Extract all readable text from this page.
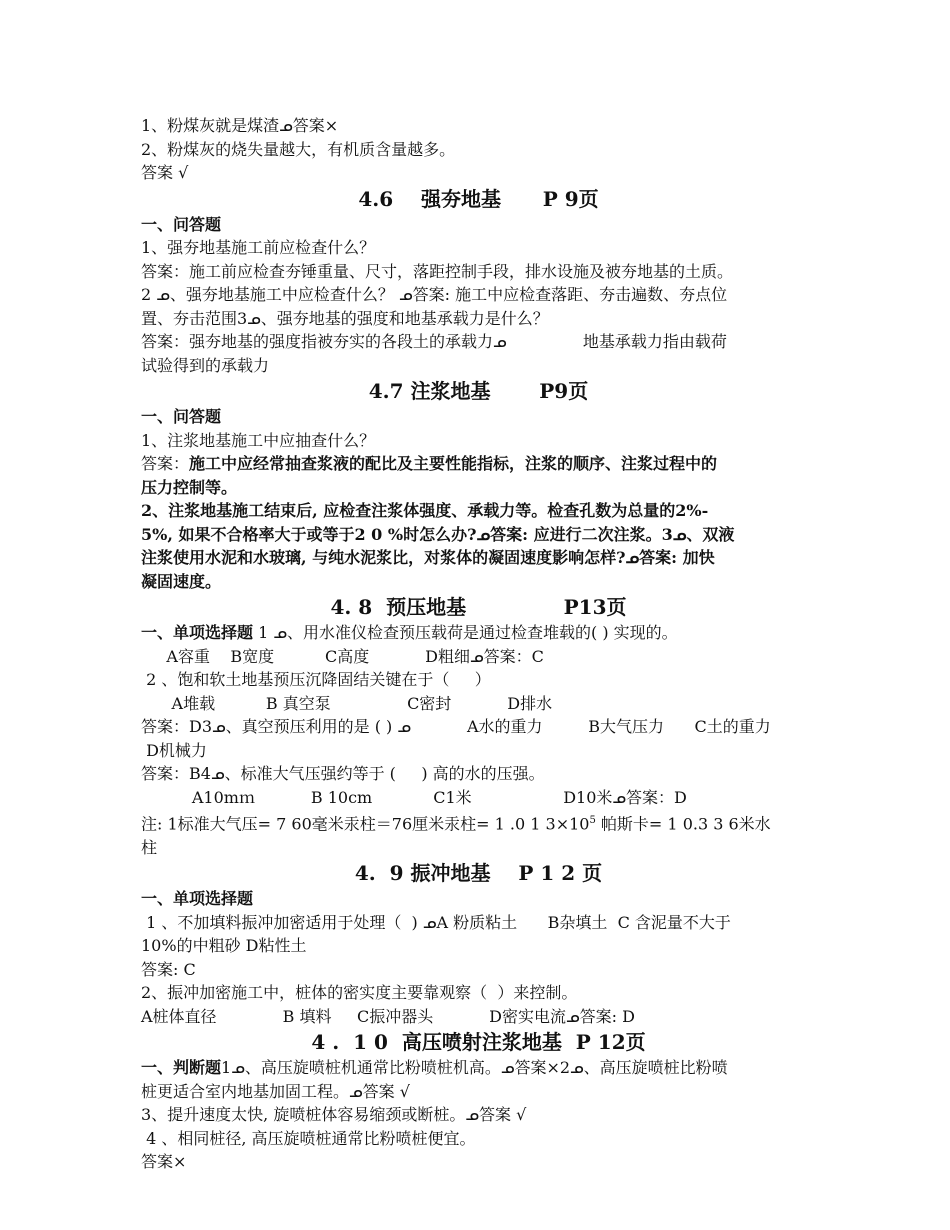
1、粉煤灰就是煤渣ᓄ答案×
2、粉煤灰的烧失量越大，有机质含量越多。
答案 √
4.6    强夯地基      P 9页
一、问答题
1、强夯地基施工前应检查什么？
答案：施工前应检查夯锤重量、尺寸，落距控制手段，排水设施及被夯地基的土质。
2 ᓄ、强夯地基施工中应检查什么？ ᓄ答案: 施工中应检查落距、夯击遍数、夯点位
置、夯击范围3ᓄ、强夯地基的强度和地基承载力是什么？
答案：强夯地基的强度指被夯实的各段土的承载力ᓄ               地基承载力指由载荷
试验得到的承载力
4.7 注浆地基       P9页
一、问答题
1、注浆地基施工中应抽查什么？
答案：施工中应经常抽查浆液的配比及主要性能指标，注浆的顺序、注浆过程中的
压力控制等。
2、注浆地基施工结束后, 应检查注浆体强度、承载力等。检查孔数为总量的2%-
5%, 如果不合格率大于或等于2 0 %时怎么办?ᓄ答案: 应进行二次注浆。3ᓄ、双液
注浆使用水泥和水玻璃, 与纯水泥浆比，对浆体的凝固速度影响怎样?ᓄ答案: 加快
凝固速度。
4. 8  预压地基              P13页
一、单项选择题 1 ᓄ、用水准仪检查预压载荷是通过检查堆载的( ) 实现的。
A容重    B宽度          C高度           D粗细ᓄ答案：C
2 、饱和软土地基预压沉降固结关键在于（     ）
A堆载          B 真空泵               C密封           D排水
答案：D3ᓄ、真空预压利用的是 ( ) ᓄ           A水的重力         B大气压力      C土的重力
D机械力
答案：B4ᓄ、标准大气压强约等于 (     ) 高的水的压强。
A10mｍ           B 10cm            C1米                  D10米ᓄ答案：D
注: 1标准大气压= 7 60毫米汞柱＝76厘米汞柱= 1 .0 1 $3\times 10^5$ 帕斯卡= 1 0.3 3 6米水
柱
4.  9 振冲地基    P 1 2 页
一、单项选择题
1 、不加填料振冲加密适用于处理（  ) ᓄA 粉质粘土      B杂填土  C 含泥量不大于
10%的中粗砂 D粘性土
答案: C
2、振冲加密施工中，桩体的密实度主要靠观察（  ）来控制。
A桩体直径             B 填料     C振冲器头           D密实电流ᓄ答案: D
4 .  1 0  高压喷射注浆地基  P 12页
一、判断题1ᓄ、高压旋喷桩机通常比粉喷桩机高。ᓄ答案×2ᓄ、高压旋喷桩比粉喷
桩更适合室内地基加固工程。ᓄ答案 √
3、提升速度太快, 旋喷桩体容易缩颈或断桩。ᓄ答案 √
4 、相同桩径, 高压旋喷桩通常比粉喷桩便宜。
答案×
